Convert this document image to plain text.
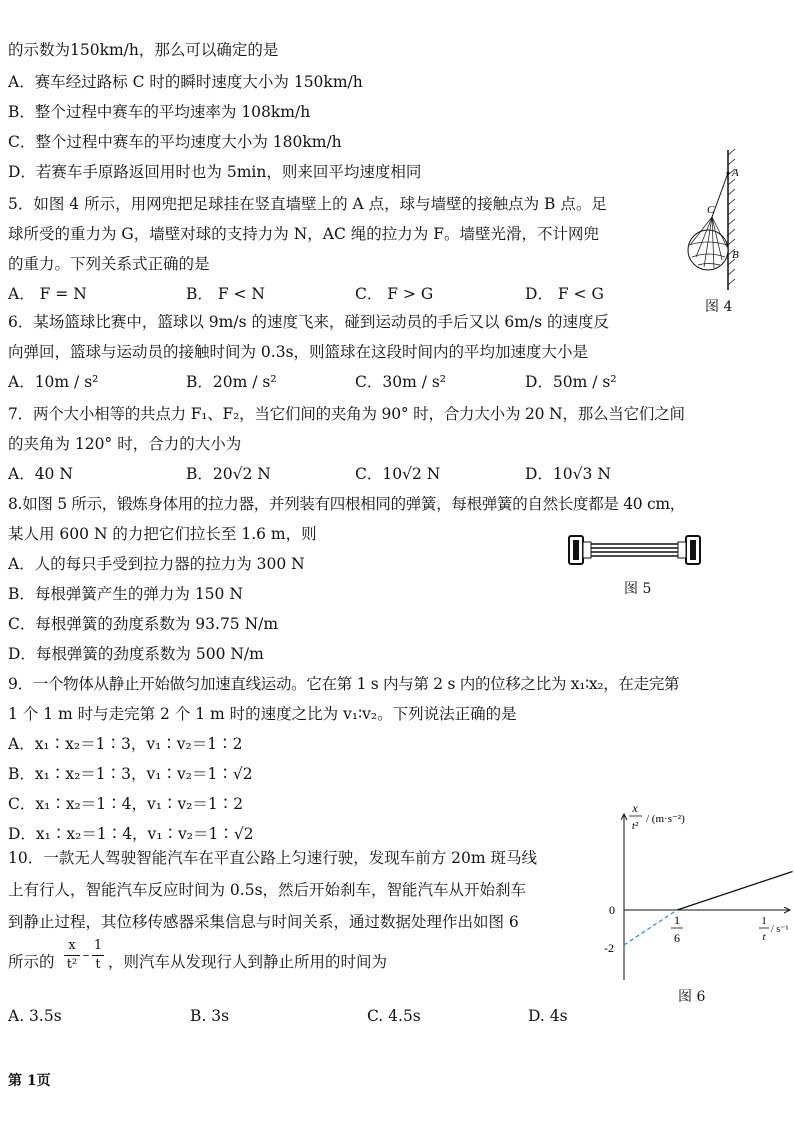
的示数为150km/h，那么可以确定的是
A．赛车经过路标 C 时的瞬时速度大小为 150km/h
B．整个过程中赛车的平均速率为 108km/h
C．整个过程中赛车的平均速度大小为 180km/h
D．若赛车手原路返回用时也为 5min，则来回平均速度相同
5．如图 4 所示，用网兜把足球挂在竖直墙壁上的 A 点，球与墙壁的接触点为 B 点。足
球所受的重力为 G，墙壁对球的支持力为 N，AC 绳的拉力为 F。墙壁光滑，不计网兜
的重力。下列关系式正确的是
A． F = N	B． F < N	C． F > G	D． F < G
6．某场篮球比赛中，篮球以 9m/s 的速度飞来，碰到运动员的手后又以 6m/s 的速度反
向弹回，篮球与运动员的接触时间为 0.3s，则篮球在这段时间内的平均加速度大小是
A．10m / s²	B．20m / s²	C．30m / s²	D．50m / s²
7．两个大小相等的共点力 F₁、F₂，当它们间的夹角为 90° 时，合力大小为 20 N，那么当它们之间
的夹角为 120° 时，合力的大小为
A．40 N	B．20√2 N	C．10√2 N	D．10√3 N
8.如图 5 所示，锻炼身体用的拉力器，并列装有四根相同的弹簧，每根弹簧的自然长度都是 40 cm，
某人用 600 N 的力把它们拉长至 1.6 m，则
A．人的每只手受到拉力器的拉力为 300 N
B．每根弹簧产生的弹力为 150 N
C．每根弹簧的劲度系数为 93.75 N/m
D．每根弹簧的劲度系数为 500 N/m
9．一个物体从静止开始做匀加速直线运动。它在第 1 s 内与第 2 s 内的位移之比为 x₁∶x₂，在走完第
1 个 1 m 时与走完第 2 个 1 m 时的速度之比为 v₁∶v₂。下列说法正确的是
A．x₁∶x₂＝1∶3，v₁∶v₂＝1∶2
B．x₁∶x₂＝1∶3，v₁∶v₂＝1∶√2
C．x₁∶x₂＝1∶4，v₁∶v₂＝1∶2
D．x₁∶x₂＝1∶4，v₁∶v₂＝1∶√2
10．一款无人驾驶智能汽车在平直公路上匀速行驶，发现车前方 20m 斑马线
上有行人，智能汽车反应时间为 0.5s，然后开始刹车，智能汽车从开始刹车
到静止过程，其位移传感器采集信息与时间关系，通过数据处理作出如图 6
所示的
x
t²
–
1
t ，则汽车从发现行人到静止所用的时间为
A. 3.5s	B. 3s	C. 4.5s	D. 4s
A
C
B
图 4
图 5
x
t²
/ (m·s⁻²)
1
t
/ s⁻¹
0
-2
1
6
图 6
第 1页
